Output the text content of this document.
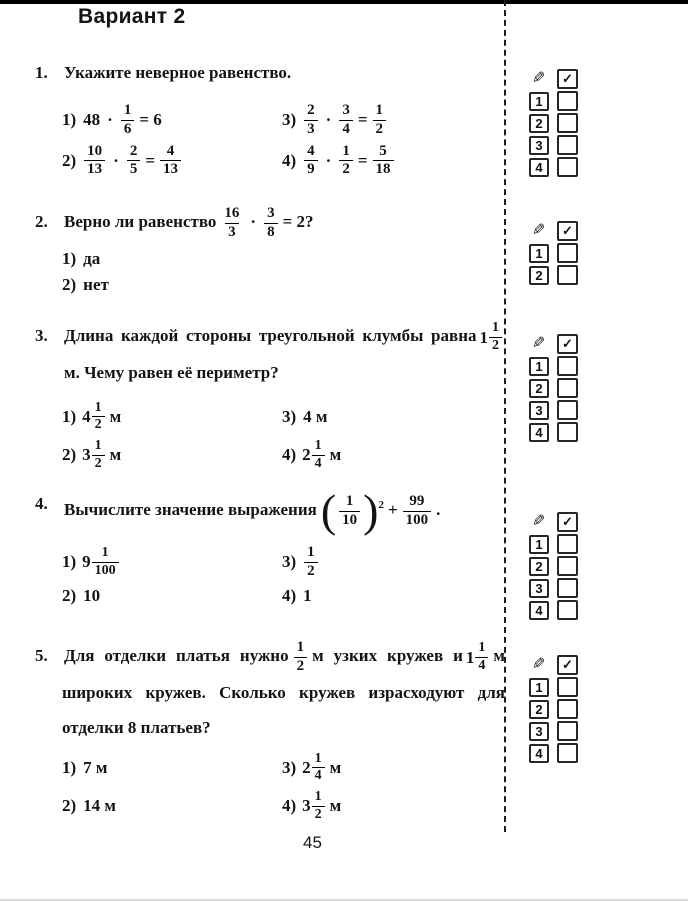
Вариант 2
1. Укажите неверное равенство.
1) $48 \cdot \frac{1}{6} = 6$	$3) \frac{2}{3} \cdot \frac{3}{4} = \frac{1}{2}$
$2) \frac{10}{13} \cdot \frac{2}{5} = \frac{4}{13}$	$4) \frac{4}{9} \cdot \frac{1}{2} = \frac{5}{18}$
2. Верно ли равенство $\frac{16}{3} \cdot \frac{3}{8} = 2$?
1) да
2) нет
3. Длина каждой стороны треугольной клумбы равна $1 \frac{1}{2}$
м. Чему равен её периметр?
1) $4 \frac{1}{2}$ м	3) 4 м
2) $3 \frac{1}{2}$ м	4) $2 \frac{1}{4}$ м
4. Вычислите значение выражения ( $\frac{1}{10}$ ) $2 + \frac{99}{100}$ .
1) $9 \frac{1}{100}$	$3) \frac{1}{2}$
2) 10	4) 1
5. Для отделки платья нужно $\frac{1}{2}$ м узких кружев и $1 \frac{1}{4}$ м широких кружев. Сколько кружев израсходуют для отделки 8 платьев?
1) 7 м	3) $2 \frac{1}{4}$ м
2) 14 м	4) $3 \frac{1}{2}$ м
✎ ✓
1
2
3
4
✎ ✓
1
2
✎ ✓
1
2
3
4
✎ ✓
1
2
3
4
✎ ✓
1
2
3
4
45
